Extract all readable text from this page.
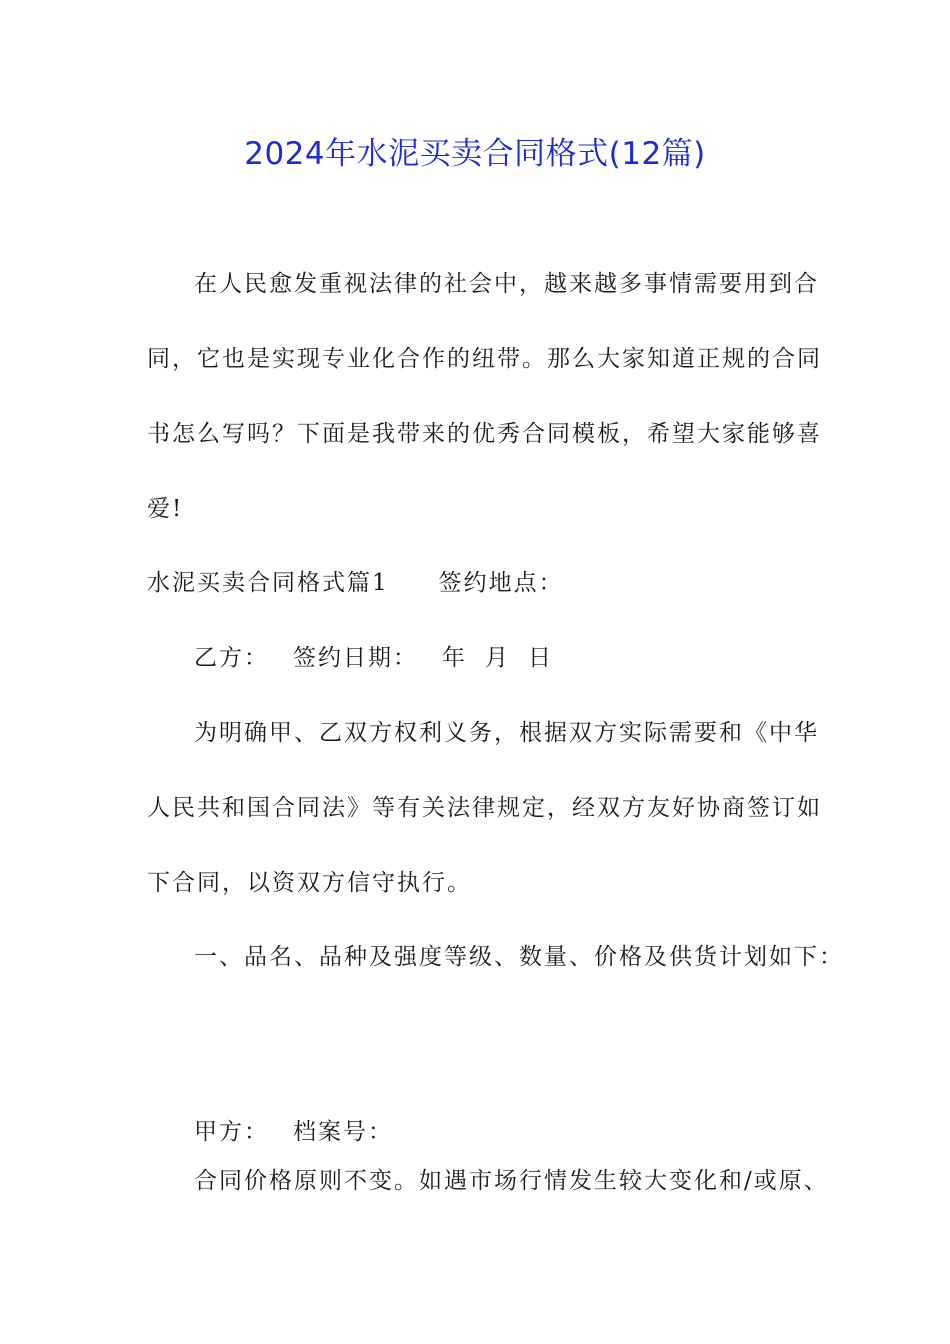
2024年水泥买卖合同格式(12篇)

在人民愈发重视法律的社会中，越来越多事情需要用到合

同，它也是实现专业化合作的纽带。那么大家知道正规的合同

书怎么写吗？下面是我带来的优秀合同模板，希望大家能够喜

爱!

水泥买卖合同格式篇1 签约地点：

乙方： 签约日期： 年 月 日

为明确甲、乙双方权利义务，根据双方实际需要和《中华

人民共和国合同法》等有关法律规定，经双方友好协商签订如

下合同，以资双方信守执行。

一、品名、品种及强度等级、数量、价格及供货计划如下：

甲方： 档案号：

合同价格原则不变。如遇市场行情发生较大变化和/或原、
